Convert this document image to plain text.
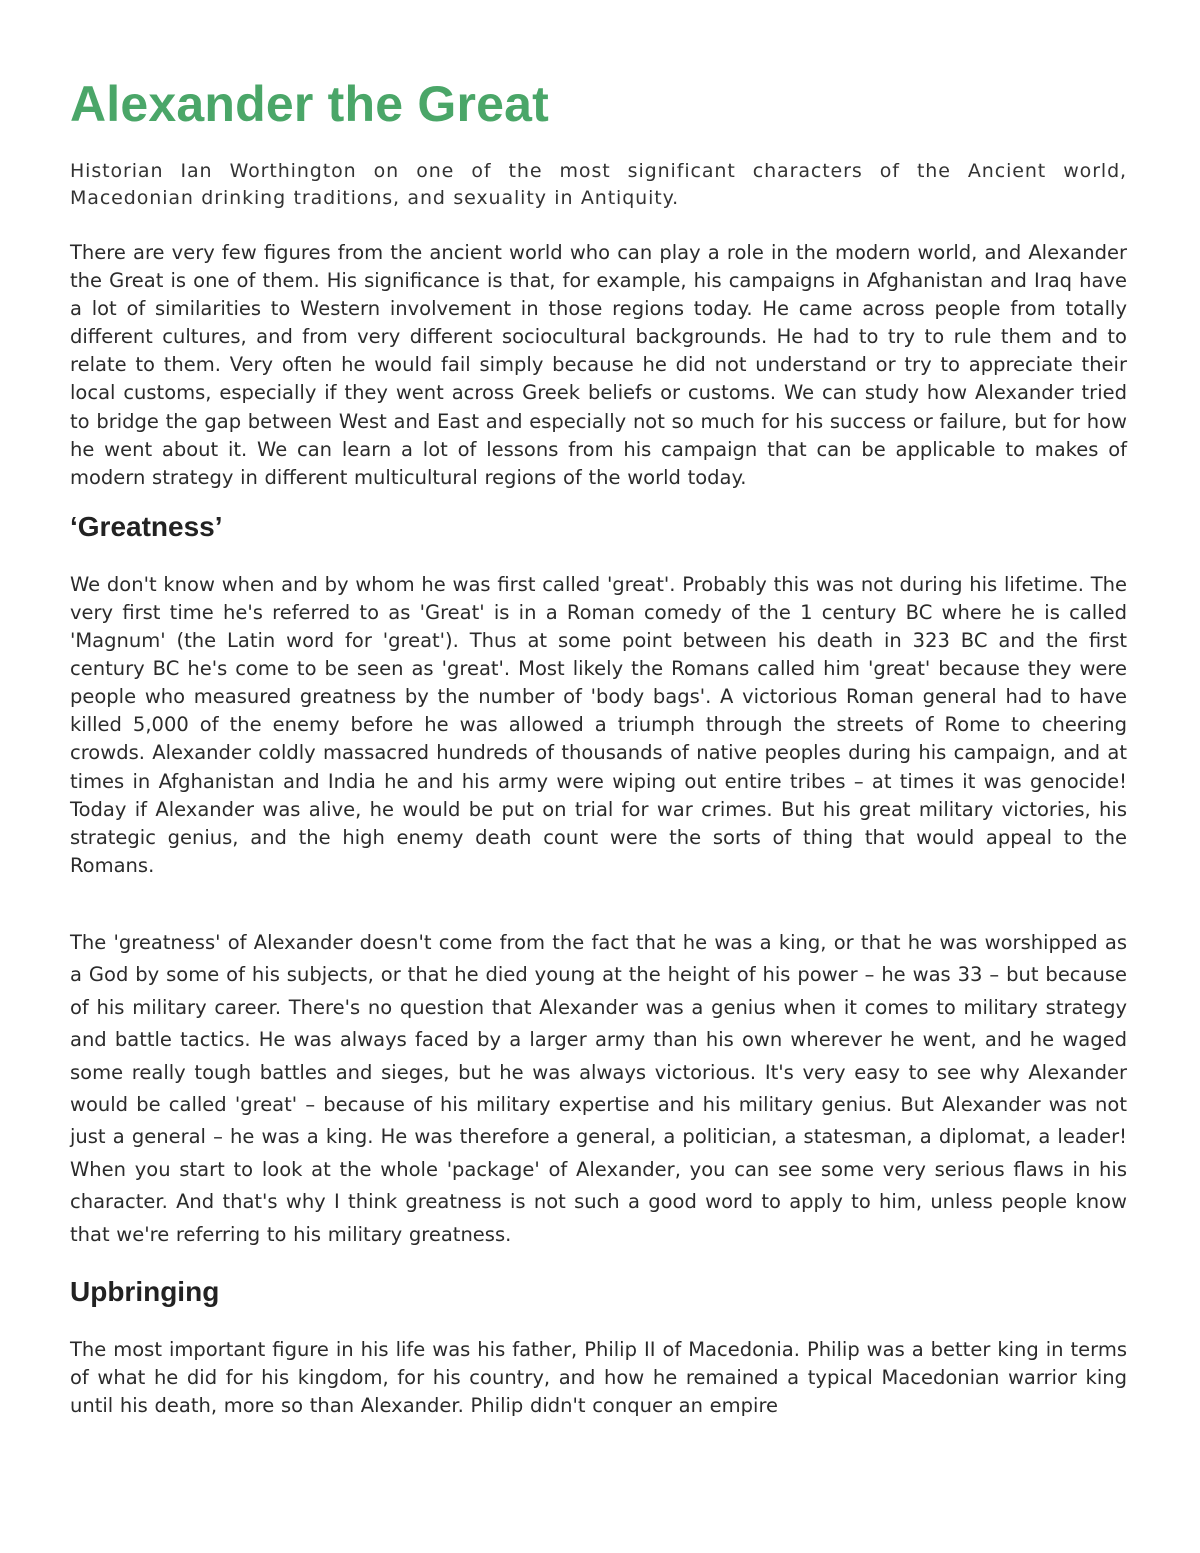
Alexander the Great

Historian Ian Worthington on one of the most significant characters of the Ancient world, Macedonian drinking traditions, and sexuality in Antiquity.

There are very few figures from the ancient world who can play a role in the modern world, and Alexander the Great is one of them. His significance is that, for example, his campaigns in Afghanistan and Iraq have a lot of similarities to Western involvement in those regions today. He came across people from totally different cultures, and from very different sociocultural backgrounds. He had to try to rule them and to relate to them. Very often he would fail simply because he did not understand or try to appreciate their local customs, especially if they went across Greek beliefs or customs. We can study how Alexander tried to bridge the gap between West and East and especially not so much for his success or failure, but for how he went about it. We can learn a lot of lessons from his campaign that can be applicable to makes of modern strategy in different multicultural regions of the world today.

‘Greatness’

We don't know when and by whom he was first called 'great'. Probably this was not during his lifetime. The very first time he's referred to as 'Great' is in a Roman comedy of the 1 century BC where he is called 'Magnum' (the Latin word for 'great'). Thus at some point between his death in 323 BC and the first century BC he's come to be seen as 'great'. Most likely the Romans called him 'great' because they were people who measured greatness by the number of 'body bags'. A victorious Roman general had to have killed 5,000 of the enemy before he was allowed a triumph through the streets of Rome to cheering crowds. Alexander coldly massacred hundreds of thousands of native peoples during his campaign, and at times in Afghanistan and India he and his army were wiping out entire tribes – at times it was genocide! Today if Alexander was alive, he would be put on trial for war crimes. But his great military victories, his strategic genius, and the high enemy death count were the sorts of thing that would appeal to the Romans.

The 'greatness' of Alexander doesn't come from the fact that he was a king, or that he was worshipped as a God by some of his subjects, or that he died young at the height of his power – he was 33 – but because of his military career. There's no question that Alexander was a genius when it comes to military strategy and battle tactics. He was always faced by a larger army than his own wherever he went, and he waged some really tough battles and sieges, but he was always victorious. It's very easy to see why Alexander would be called 'great' – because of his military expertise and his military genius. But Alexander was not just a general – he was a king. He was therefore a general, a politician, a statesman, a diplomat, a leader! When you start to look at the whole 'package' of Alexander, you can see some very serious flaws in his character. And that's why I think greatness is not such a good word to apply to him, unless people know that we're referring to his military greatness.

Upbringing

The most important figure in his life was his father, Philip II of Macedonia. Philip was a better king in terms of what he did for his kingdom, for his country, and how he remained a typical Macedonian warrior king until his death, more so than Alexander. Philip didn't conquer an empire
